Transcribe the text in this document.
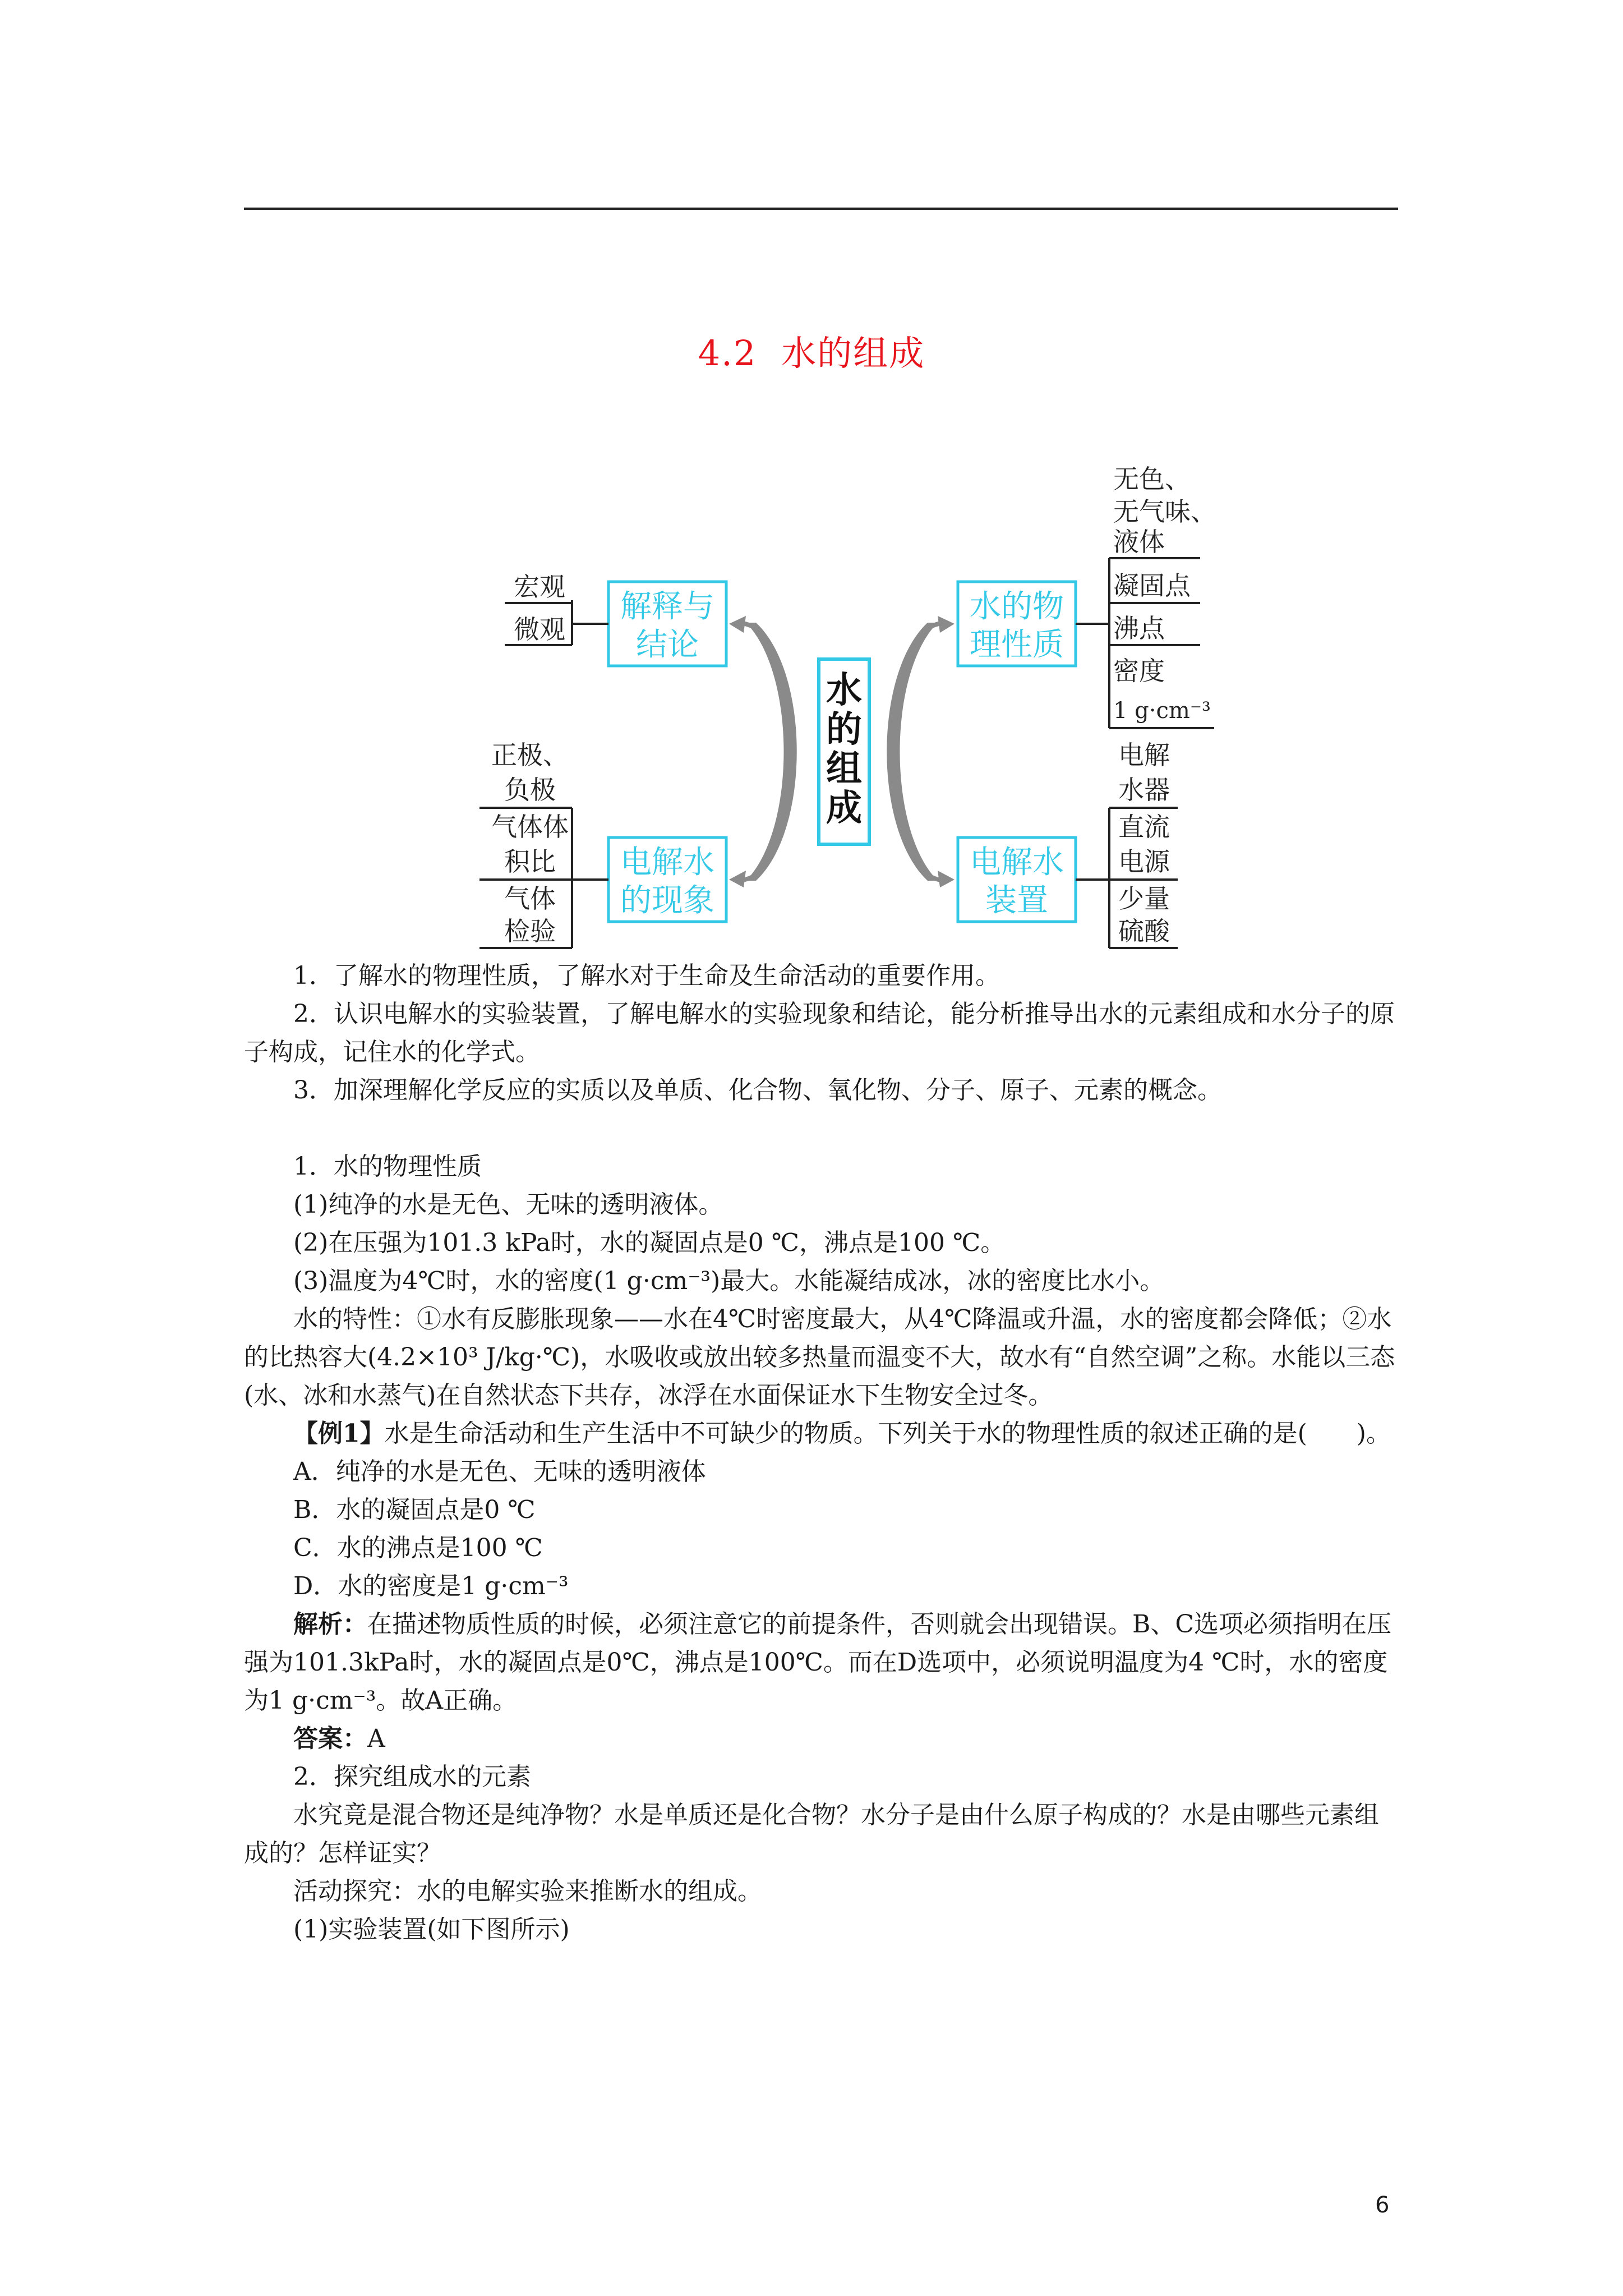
4.2 水的组成
水
的
组
成
解释与
结论
宏观
微观
电解水
的现象
正极、
负极
气体体
积比
气体
检验
水的物
理性质
无色、
无气味、
液体
凝固点
沸点
密度
1 g·cm⁻³
电解水
装置
电解
水器
直流
电源
少量
硫酸

1．了解水的物理性质，了解水对于生命及生命活动的重要作用。

2．认识电解水的实验装置，了解电解水的实验现象和结论，能分析推导出水的元素组成和水分子的原子构成，记住水的化学式。

3．加深理解化学反应的实质以及单质、化合物、氧化物、分子、原子、元素的概念。

1．水的物理性质

(1)纯净的水是无色、无味的透明液体。

(2)在压强为101.3 kPa时，水的凝固点是0 ℃，沸点是100 ℃。

(3)温度为4℃时，水的密度(1 g·cm⁻³)最大。水能凝结成冰，冰的密度比水小。

水的特性：①水有反膨胀现象——水在4℃时密度最大，从4℃降温或升温，水的密度都会降低；②水的比热容大(4.2×10³ J/kg·℃)，水吸收或放出较多热量而温变不大，故水有“自然空调”之称。水能以三态(水、冰和水蒸气)在自然状态下共存，冰浮在水面保证水下生物安全过冬。

【例1】水是生命活动和生产生活中不可缺少的物质。下列关于水的物理性质的叙述正确的是(　　)。

A．纯净的水是无色、无味的透明液体

B．水的凝固点是0 ℃

C．水的沸点是100 ℃

D．水的密度是1 g·cm⁻³

解析：在描述物质性质的时候，必须注意它的前提条件，否则就会出现错误。B、C选项必须指明在压强为101.3kPa时，水的凝固点是0℃，沸点是100℃。而在D选项中，必须说明温度为4 ℃时，水的密度为1 g·cm⁻³。故A正确。

答案：A

2．探究组成水的元素

水究竟是混合物还是纯净物？水是单质还是化合物？水分子是由什么原子构成的？水是由哪些元素组成的？怎样证实？

活动探究：水的电解实验来推断水的组成。

(1)实验装置(如下图所示)

6
